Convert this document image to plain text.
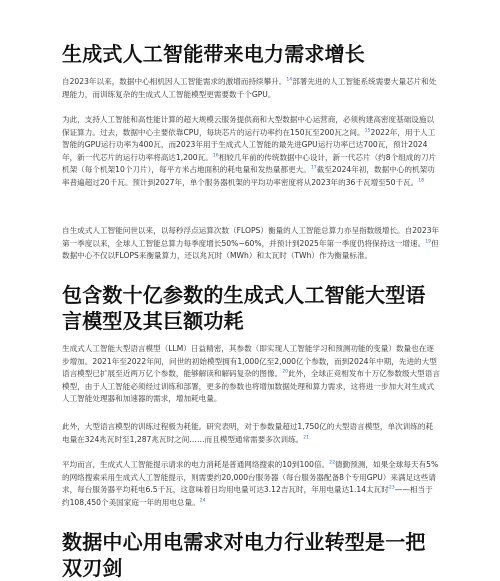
生成式人工智能带来电力需求增长

自2023年以来，数据中心相机因人工智能需求的激增而持续攀升。$^{14}$部署先进的人工智能系统需要大量芯片和处理能力，而训练复杂的生成式人工智能模型更需要数千个GPU。

为此，支持人工智能和高性能计算的超大规模云服务提供商和大型数据中心运营商，必须构建高密度基础设施以保证算力。过去，数据中心主要依靠CPU，每块芯片的运行功率约在150瓦至200瓦之间。$^{15}$2022年，用于人工智能的GPU运行功率为400瓦，而2023年用于生成式人工智能的最先进GPU运行功率已达700瓦，预计2024年，新一代芯片的运行功率将高达1,200瓦。$^{16}$相较几年前的传统数据中心设计，新一代芯片（约8个组成的刀片机架（每个机架10个刀片），每平方米占地面积的耗电量和发热量都更大。$^{17}$截至2024年初，数据中心的机架功率普遍超过20千瓦。预计到2027年，单个服务器机架的平均功率密度将从2023年的36千瓦增至50千瓦。$^{18}$

自生成式人工智能问世以来，以每秒浮点运算次数（FLOPS）衡量的人工智能总算力亦呈指数级增长。自2023年第一季度以来，全球人工智能总算力每季度增长50%~60%，并预计到2025年第一季度仍将保持这一增速。$^{19}$但数据中心不仅以FLOPS来衡量算力，还以兆瓦时（MWh）和太瓦时（TWh）作为衡量标准。

包含数十亿参数的生成式人工智能大型语言模型及其巨额功耗

生成式人工智能大型语言模型（LLM）日益精密，其参数（即实现人工智能学习和预测功能的变量）数量也在逐步增加。2021年至2022年间，问世的初始模型拥有1,000亿至2,000亿个参数，而到2024年中期，先进的大型语言模型已扩展至近两万亿个参数，能够解读和解码复杂的图像。$^{20}$此外，全球正竞相发布十万亿参数级大型语言模型，由于人工智能必须经过训练和部署，更多的参数也将增加数据处理和算力需求，这将进一步加大对生成式人工智能处理器和加速器的需求，增加耗电量。

此外，大型语言模型的训练过程极为耗能。研究表明，对于参数量超过1,750亿的大型语言模型，单次训练的耗电量在324兆瓦时至1,287兆瓦时之间……而且模型通常需要多次训练。$^{21}$

平均而言，生成式人工智能提示请求的电力消耗是普通网络搜索的10到100倍。$^{22}$德勤预测，如果全球每天有5%的网络搜索采用生成式人工智能提示，则需要约20,000台服务器（每台服务器配备8个专用GPU）来满足这些请求，每台服务器平均耗电6.5千瓦，这意味着日均用电量可达3.12吉瓦时，年用电量达1.14太瓦时$^{23}$——相当于约108,450个美国家庭一年的用电总量。$^{24}$

数据中心用电需求对电力行业转型是一把双刃剑
